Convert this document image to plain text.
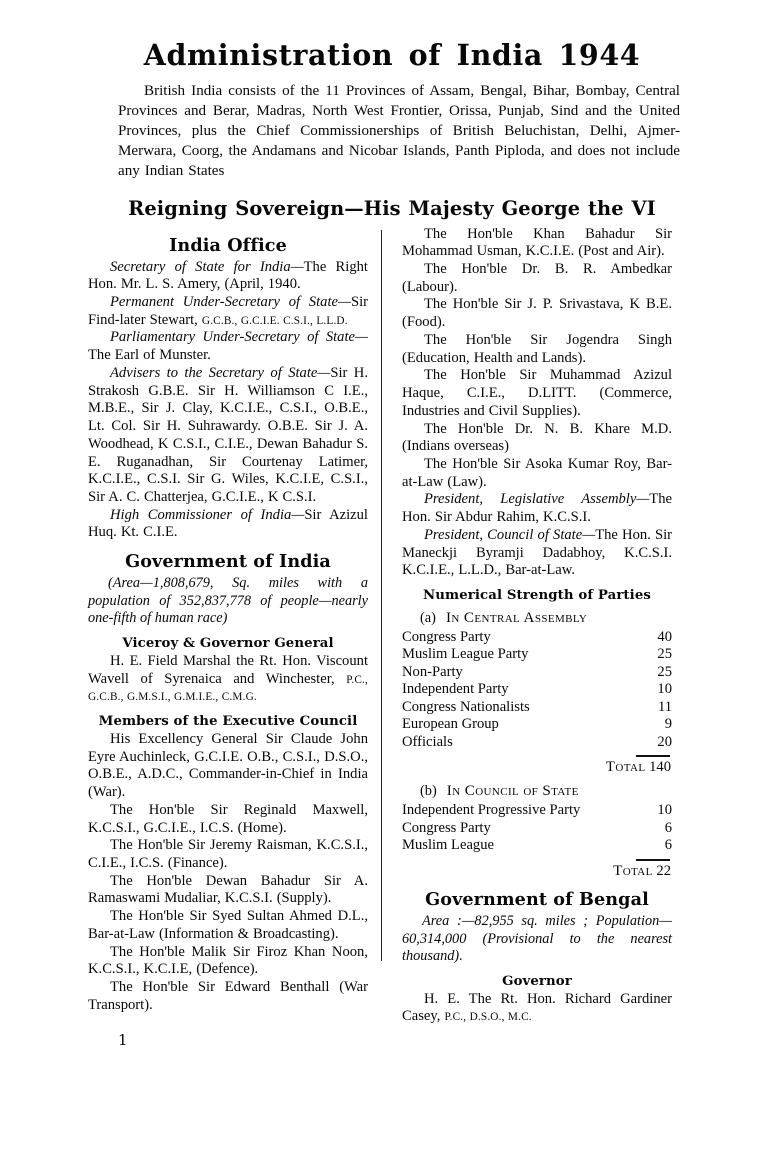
Administration of India 1944

British India consists of the 11 Provinces of Assam, Bengal, Bihar, Bombay, Central Provinces and Berar, Madras, North West Frontier, Orissa, Punjab, Sind and the United Provinces, plus the Chief Commissionerships of British Beluchistan, Delhi, Ajmer-Merwara, Coorg, the Andamans and Nicobar Islands, Panth Piploda, and does not include any Indian States

Reigning Sovereign—His Majesty George the VI
India Office

Secretary of State for India—The Right Hon. Mr. L. S. Amery, (April, 1940.

Permanent Under-Secretary of State—Sir Find-later Stewart, G.C.B., G.C.I.E. C.S.I., L.L.D.

Parliamentary Under-Secretary of State—The Earl of Munster.

Advisers to the Secretary of State—Sir H. Strakosh G.B.E. Sir H. Williamson C I.E., M.B.E., Sir J. Clay, K.C.I.E., C.S.I., O.B.E., Lt. Col. Sir H. Suhrawardy. O.B.E. Sir J. A. Woodhead, K C.S.I., C.I.E., Dewan Bahadur S. E. Ruganadhan, Sir Courtenay Latimer, K.C.I.E., C.S.I. Sir G. Wiles, K.C.I.E, C.S.I., Sir A. C. Chatterjea, G.C.I.E., K C.S.I.

High Commissioner of India—Sir Azizul Huq. Kt. C.I.E.

Government of India

(Area—1,808,679, Sq. miles with a population of 352,837,778 of people—nearly one-fifth of human race)

Viceroy & Governor General

H. E. Field Marshal the Rt. Hon. Viscount Wavell of Syrenaica and Winchester, P.C., G.C.B., G.M.S.I., G.M.I.E., C.M.G.

Members of the Executive Council

His Excellency General Sir Claude John Eyre Auchinleck, G.C.I.E. O.B., C.S.I., D.S.O., O.B.E., A.D.C., Commander-in-Chief in India (War).

The Hon'ble Sir Reginald Maxwell, K.C.S.I., G.C.I.E., I.C.S. (Home).

The Hon'ble Sir Jeremy Raisman, K.C.S.I., C.I.E., I.C.S. (Finance).

The Hon'ble Dewan Bahadur Sir A. Ramaswami Mudaliar, K.C.S.I. (Supply).

The Hon'ble Sir Syed Sultan Ahmed D.L., Bar-at-Law (Information & Broadcasting).

The Hon'ble Malik Sir Firoz Khan Noon, K.C.S.I., K.C.I.E, (Defence).

The Hon'ble Sir Edward Benthall (War Transport).

1

The Hon'ble Khan Bahadur Sir Mohammad Usman, K.C.I.E. (Post and Air).

The Hon'ble Dr. B. R. Ambedkar (Labour).

The Hon'ble Sir J. P. Srivastava, K B.E. (Food).

The Hon'ble Sir Jogendra Singh (Education, Health and Lands).

The Hon'ble Sir Muhammad Azizul Haque, C.I.E., D.LITT. (Commerce, Industries and Civil Supplies).

The Hon'ble Dr. N. B. Khare M.D. (Indians overseas)

The Hon'ble Sir Asoka Kumar Roy, Bar-at-Law (Law).

President, Legislative Assembly—The Hon. Sir Abdur Rahim, K.C.S.I.

President, Council of State—The Hon. Sir Maneckji Byramji Dadabhoy, K.C.S.I. K.C.I.E., L.L.D., Bar-at-Law.

Numerical Strength of Parties
(a) In Central Assembly
Congress Party	40
Muslim League Party	25
Non-Party	25
Independent Party	10
Congress Nationalists	11
European Group	9
Officials	20
Total 140
(b) In Council of State
Independent Progressive Party	10
Congress Party	6
Muslim League	6
Total 22
Government of Bengal

Area :—82,955 sq. miles ; Population—60,314,000 (Provisional to the nearest thousand).

Governor

H. E. The Rt. Hon. Richard Gardiner Casey, P.C., D.S.O., M.C.
